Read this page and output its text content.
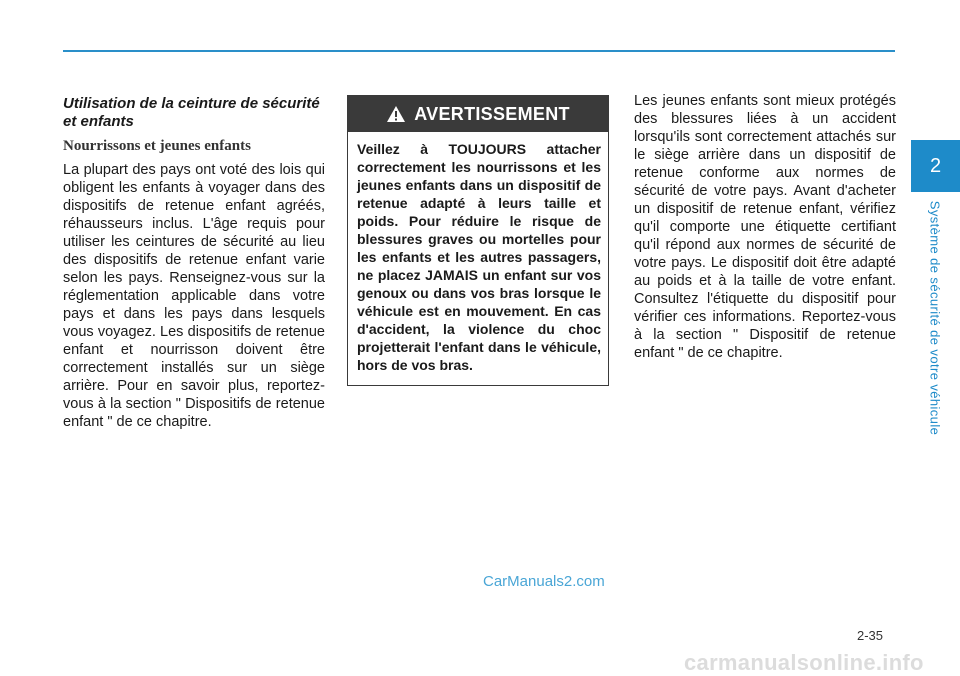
2
Système de sécurité de votre véhicule
Utilisation de la ceinture de sécurité et enfants
Nourrissons et jeunes enfants

La plupart des pays ont voté des lois qui obligent les enfants à voyager dans des dispositifs de retenue enfant agréés, réhausseurs inclus. L'âge requis pour utiliser les ceintures de sécurité au lieu des dispositifs de retenue enfant varie selon les pays. Renseignez-vous sur la réglementation applicable dans votre pays et dans les pays dans lesquels vous voyagez. Les dispositifs de retenue enfant et nourrisson doivent être correctement installés sur un siège arrière. Pour en savoir plus, reportez-vous à la section " Dispositifs de retenue enfant " de ce chapitre.

AVERTISSEMENT

Veillez à TOUJOURS attacher correctement les nourrissons et les jeunes enfants dans un dispositif de retenue adapté à leurs taille et poids. Pour réduire le risque de blessures graves ou mortelles pour les enfants et les autres passagers, ne placez JAMAIS un enfant sur vos genoux ou dans vos bras lorsque le véhicule est en mouvement. En cas d'accident, la violence du choc projetterait l'enfant dans le véhicule, hors de vos bras.

Les jeunes enfants sont mieux protégés des blessures liées à un accident lorsqu'ils sont correctement attachés sur le siège arrière dans un dispositif de retenue conforme aux normes de sécurité de votre pays. Avant d'acheter un dispositif de retenue enfant, vérifiez qu'il comporte une étiquette certifiant qu'il répond aux normes de sécurité de votre pays. Le dispositif doit être adapté au poids et à la taille de votre enfant. Consultez l'étiquette du dispositif pour vérifier ces informations. Reportez-vous à la section " Dispositif de retenue enfant " de ce chapitre.

CarManuals2.com
2-35
carmanualsonline.info
